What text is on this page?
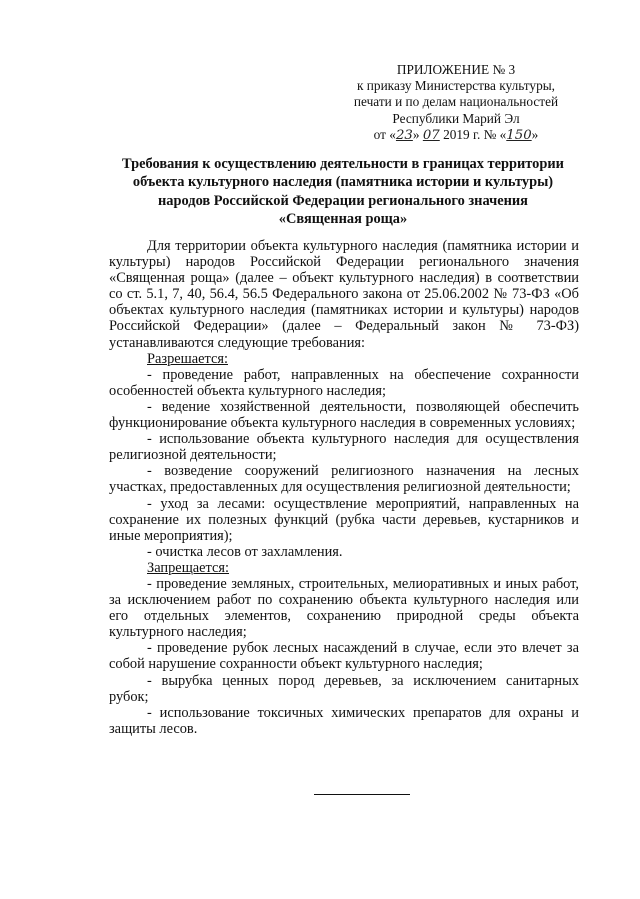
ПРИЛОЖЕНИЕ № 3
к приказу Министерства культуры,
печати и по делам национальностей
Республики Марий Эл
от «23» 07 2019 г. № «150»
Требования к осуществлению деятельности в границах территории
объекта культурного наследия (памятника истории и культуры)
народов Российской Федерации регионального значения
«Священная роща»

Для территории объекта культурного наследия (памятника истории и культуры) народов Российской Федерации регионального значения «Священная роща» (далее – объект культурного наследия) в соответствии со ст. 5.1, 7, 40, 56.4, 56.5 Федерального закона от 25.06.2002 № 73-ФЗ «Об объектах культурного наследия (памятниках истории и культуры) народов Российской Федерации» (далее – Федеральный закон № 73-ФЗ) устанавливаются следующие требования:

Разрешается:

- проведение работ, направленных на обеспечение сохранности особенностей объекта культурного наследия;

- ведение хозяйственной деятельности, позволяющей обеспечить функционирование объекта культурного наследия в современных условиях;

- использование объекта культурного наследия для осуществления религиозной деятельности;

- возведение сооружений религиозного назначения на лесных участках, предоставленных для осуществления религиозной деятельности;

- уход за лесами: осуществление мероприятий, направленных на сохранение их полезных функций (рубка части деревьев, кустарников и иные мероприятия);

- очистка лесов от захламления.

Запрещается:

- проведение земляных, строительных, мелиоративных и иных работ, за исключением работ по сохранению объекта культурного наследия или его отдельных элементов, сохранению природной среды объекта культурного наследия;

- проведение рубок лесных насаждений в случае, если это влечет за собой нарушение сохранности объект культурного наследия;

- вырубка ценных пород деревьев, за исключением санитарных рубок;

- использование токсичных химических препаратов для охраны и защиты лесов.
